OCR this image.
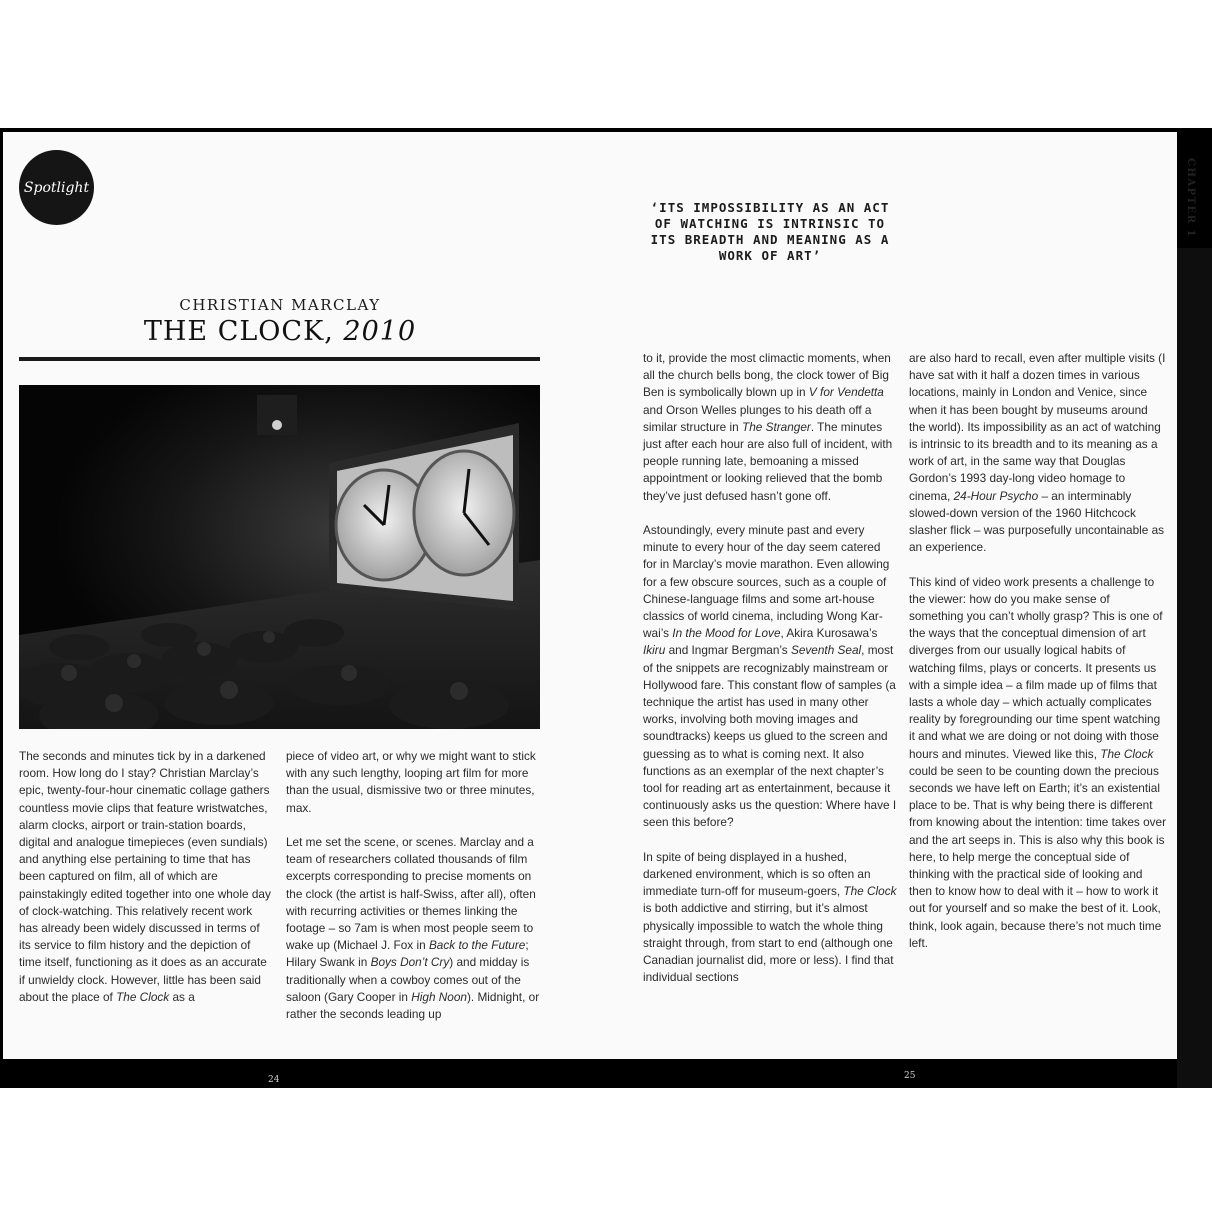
Spotlight
CHRISTIAN MARCLAY
THE CLOCK, 2010

The seconds and minutes tick by in a darkened room. How long do I stay? Christian Marclay’s epic, twenty-four-hour cinematic collage gathers countless movie clips that feature wristwatches, alarm clocks, airport or train-station boards, digital and analogue timepieces (even sundials) and anything else pertaining to time that has been captured on film, all of which are painstakingly edited together into one whole day of clock-watching. This relatively recent work has already been widely discussed in terms of its service to film history and the depiction of time itself, functioning as it does as an accurate if unwieldy clock. However, little has been said about the place of The Clock as a

piece of video art, or why we might want to stick with any such lengthy, looping art film for more than the usual, dismissive two or three minutes, max.

Let me set the scene, or scenes. Marclay and a team of researchers collated thousands of film excerpts corresponding to precise moments on the clock (the artist is half-Swiss, after all), often with recurring activities or themes linking the footage – so 7am is when most people seem to wake up (Michael J. Fox in Back to the Future; Hilary Swank in Boys Don’t Cry) and midday is traditionally when a cowboy comes out of the saloon (Gary Cooper in High Noon). Midnight, or rather the seconds leading up

24
‘ITS IMPOSSIBILITY AS AN ACT OF WATCHING IS INTRINSIC TO ITS BREADTH AND MEANING AS A WORK OF ART’

to it, provide the most climactic moments, when all the church bells bong, the clock tower of Big Ben is symbolically blown up in V for Vendetta and Orson Welles plunges to his death off a similar structure in The Stranger. The minutes just after each hour are also full of incident, with people running late, bemoaning a missed appointment or looking relieved that the bomb they’ve just defused hasn’t gone off.

Astoundingly, every minute past and every minute to every hour of the day seem catered for in Marclay’s movie marathon. Even allowing for a few obscure sources, such as a couple of Chinese-language films and some art-house classics of world cinema, including Wong Kar-wai’s In the Mood for Love, Akira Kurosawa’s Ikiru and Ingmar Bergman’s Seventh Seal, most of the snippets are recognizably mainstream or Hollywood fare. This constant flow of samples (a technique the artist has used in many other works, involving both moving images and soundtracks) keeps us glued to the screen and guessing as to what is coming next. It also functions as an exemplar of the next chapter’s tool for reading art as entertainment, because it continuously asks us the question: Where have I seen this before?

In spite of being displayed in a hushed, darkened environment, which is so often an immediate turn-off for museum-goers, The Clock is both addictive and stirring, but it’s almost physically impossible to watch the whole thing straight through, from start to end (although one Canadian journalist did, more or less). I find that individual sections

are also hard to recall, even after multiple visits (I have sat with it half a dozen times in various locations, mainly in London and Venice, since when it has been bought by museums around the world). Its impossibility as an act of watching is intrinsic to its breadth and to its meaning as a work of art, in the same way that Douglas Gordon’s 1993 day-long video homage to cinema, 24-Hour Psycho – an interminably slowed-down version of the 1960 Hitchcock slasher flick – was purposefully uncontainable as an experience.

This kind of video work presents a challenge to the viewer: how do you make sense of something you can’t wholly grasp? This is one of the ways that the conceptual dimension of art diverges from our usually logical habits of watching films, plays or concerts. It presents us with a simple idea – a film made up of films that lasts a whole day – which actually complicates reality by foregrounding our time spent watching it and what we are doing or not doing with those hours and minutes. Viewed like this, The Clock could be seen to be counting down the precious seconds we have left on Earth; it’s an existential place to be. That is why being there is different from knowing about the intention: time takes over and the art seeps in. This is also why this book is here, to help merge the conceptual side of thinking with the practical side of looking and then to know how to deal with it – how to work it out for yourself and so make the best of it. Look, think, look again, because there’s not much time left.

25
CHAPTER 1
